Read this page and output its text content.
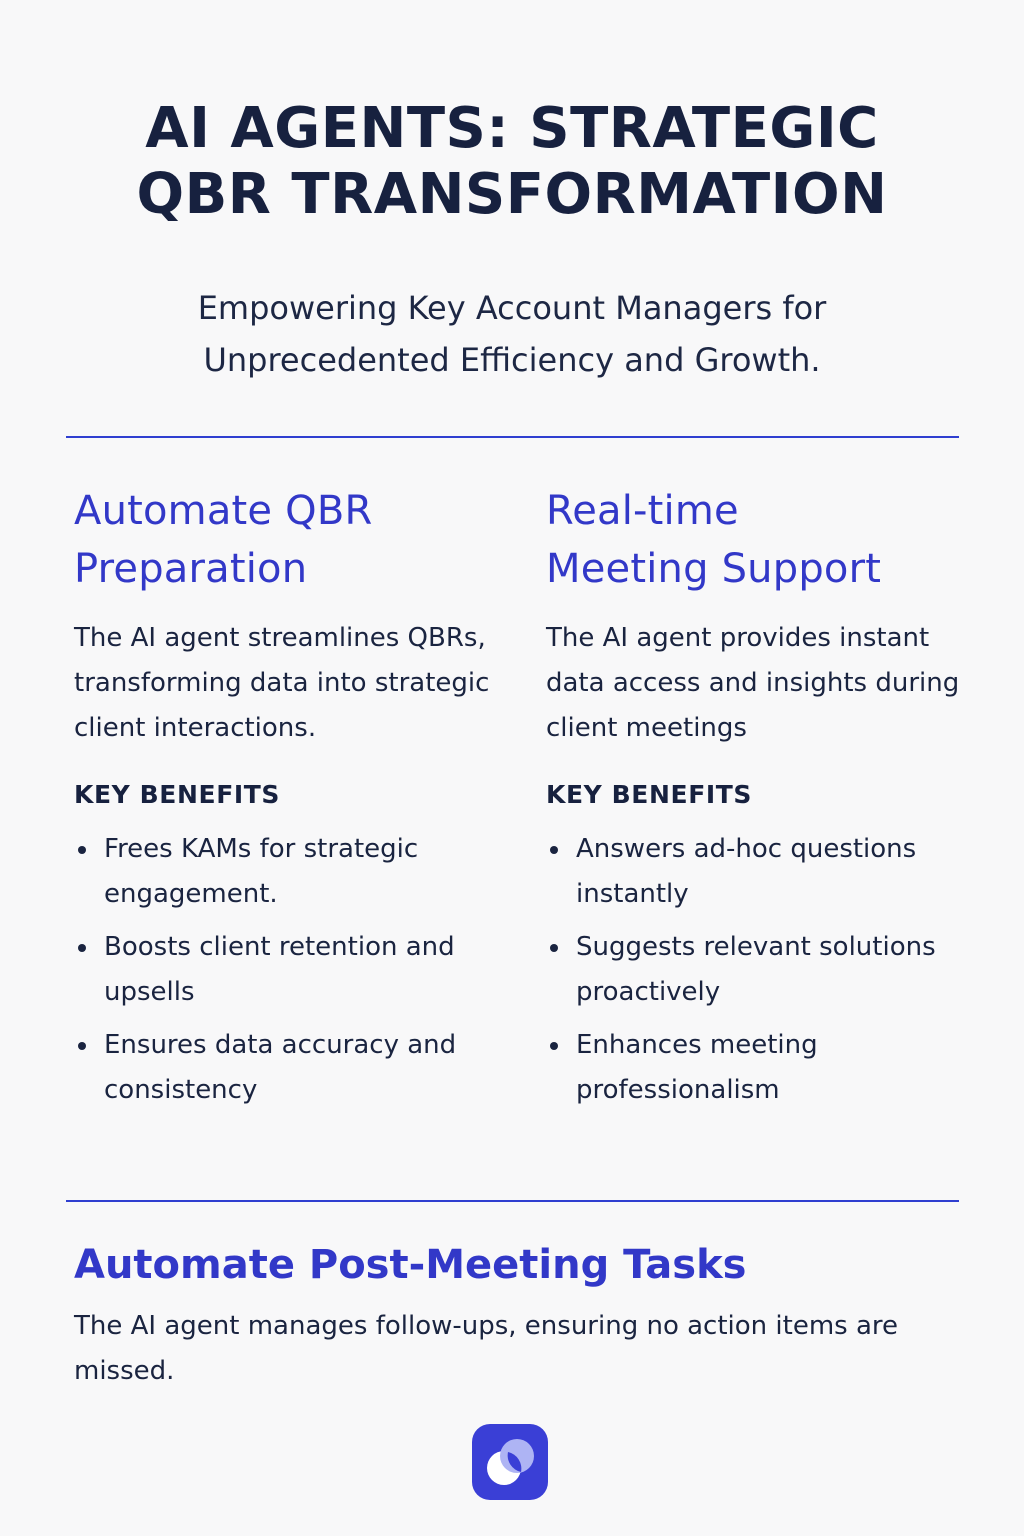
AI AGENTS: STRATEGIC
QBR TRANSFORMATION
Empowering Key Account Managers for
Unprecedented Efficiency and Growth.
Automate QBR
Preparation

The AI agent streamlines QBRs, transforming data into strategic client interactions.

KEY BENEFITS
Frees KAMs for strategic engagement.
Boosts client retention and upsells
Ensures data accuracy and consistency
Real-time
Meeting Support

The AI agent provides instant data access and insights during client meetings

KEY BENEFITS
Answers ad-hoc questions instantly
Suggests relevant solutions proactively
Enhances meeting professionalism
Automate Post-Meeting Tasks

The AI agent manages follow-ups, ensuring no action items are missed.
